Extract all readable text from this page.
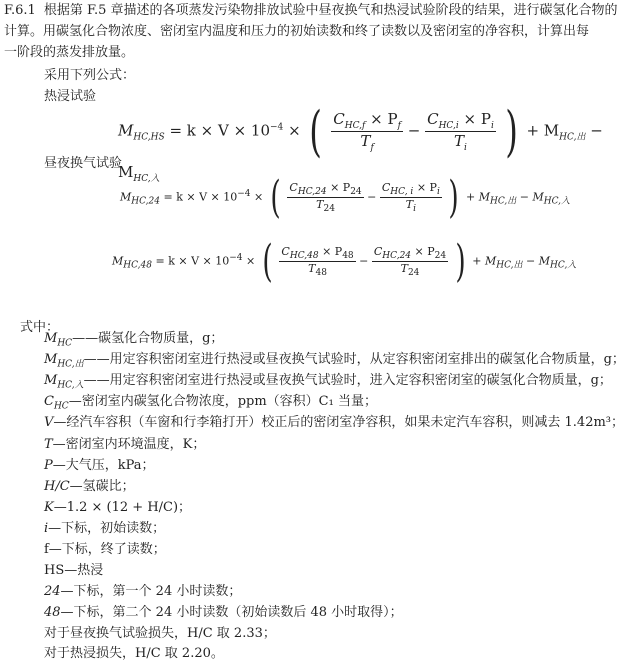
F.6.1 根据第 F.5 章描述的各项蒸发污染物排放试验中昼夜换气和热浸试验阶段的结果，进行碳氢化合物的
计算。用碳氢化合物浓度、密闭室内温度和压力的初始读数和终了读数以及密闭室的净容积，计算出每
一阶段的蒸发排放量。
采用下列公式：
热浸试验
$M_{HC,HS} = k \times V \times 10^{-4}$ × ( $\frac{C_{HC,f} \times P_f}{T_f} - \frac{C_{HC,i} \times P_i}{T_i}$ ) + $M_{HC,出} - M_{HC,入}$
昼夜换气试验
$M_{HC,24} = k \times V \times 10^{-4}$ × ( $\frac{C_{HC,24} \times P_{24}}{T_{24}} - \frac{C_{HC, i} \times P_i}{T_i}$ ) + $M_{HC,出} - M_{HC,入}$
$M_{HC,48} = k \times V \times 10^{-4}$ × ( $\frac{C_{HC,48} \times P_{48}}{T_{48}} - \frac{C_{HC,24} \times P_{24}}{T_{24}}$ ) + $M_{HC,出} - M_{HC,入}$
式中：
$M_{HC}——$碳氢化合物质量，g；
$M_{HC,出}——$用定容积密闭室进行热浸或昼夜换气试验时，从定容积密闭室排出的碳氢化合物质量，g；
$M_{HC,入}——$用定容积密闭室进行热浸或昼夜换气试验时，进入定容积密闭室的碳氢化合物质量，g；
$C_{HC}—$密闭室内碳氢化合物浓度，ppm（容积）C₁ 当量；
V—经汽车容积（车窗和行李箱打开）校正后的密闭室净容积，如果未定汽车容积，则减去 1.42m³；
T—密闭室内环境温度，K；
P—大气压，kPa；
H/C—氢碳比；
K—1.2 × (12 + H/C)；
i—下标，初始读数；
f—下标，终了读数；
HS—热浸
24—下标，第一个 24 小时读数；
48—下标，第二个 24 小时读数（初始读数后 48 小时取得）；
对于昼夜换气试验损失，H/C 取 2.33；
对于热浸损失，H/C 取 2.20。
